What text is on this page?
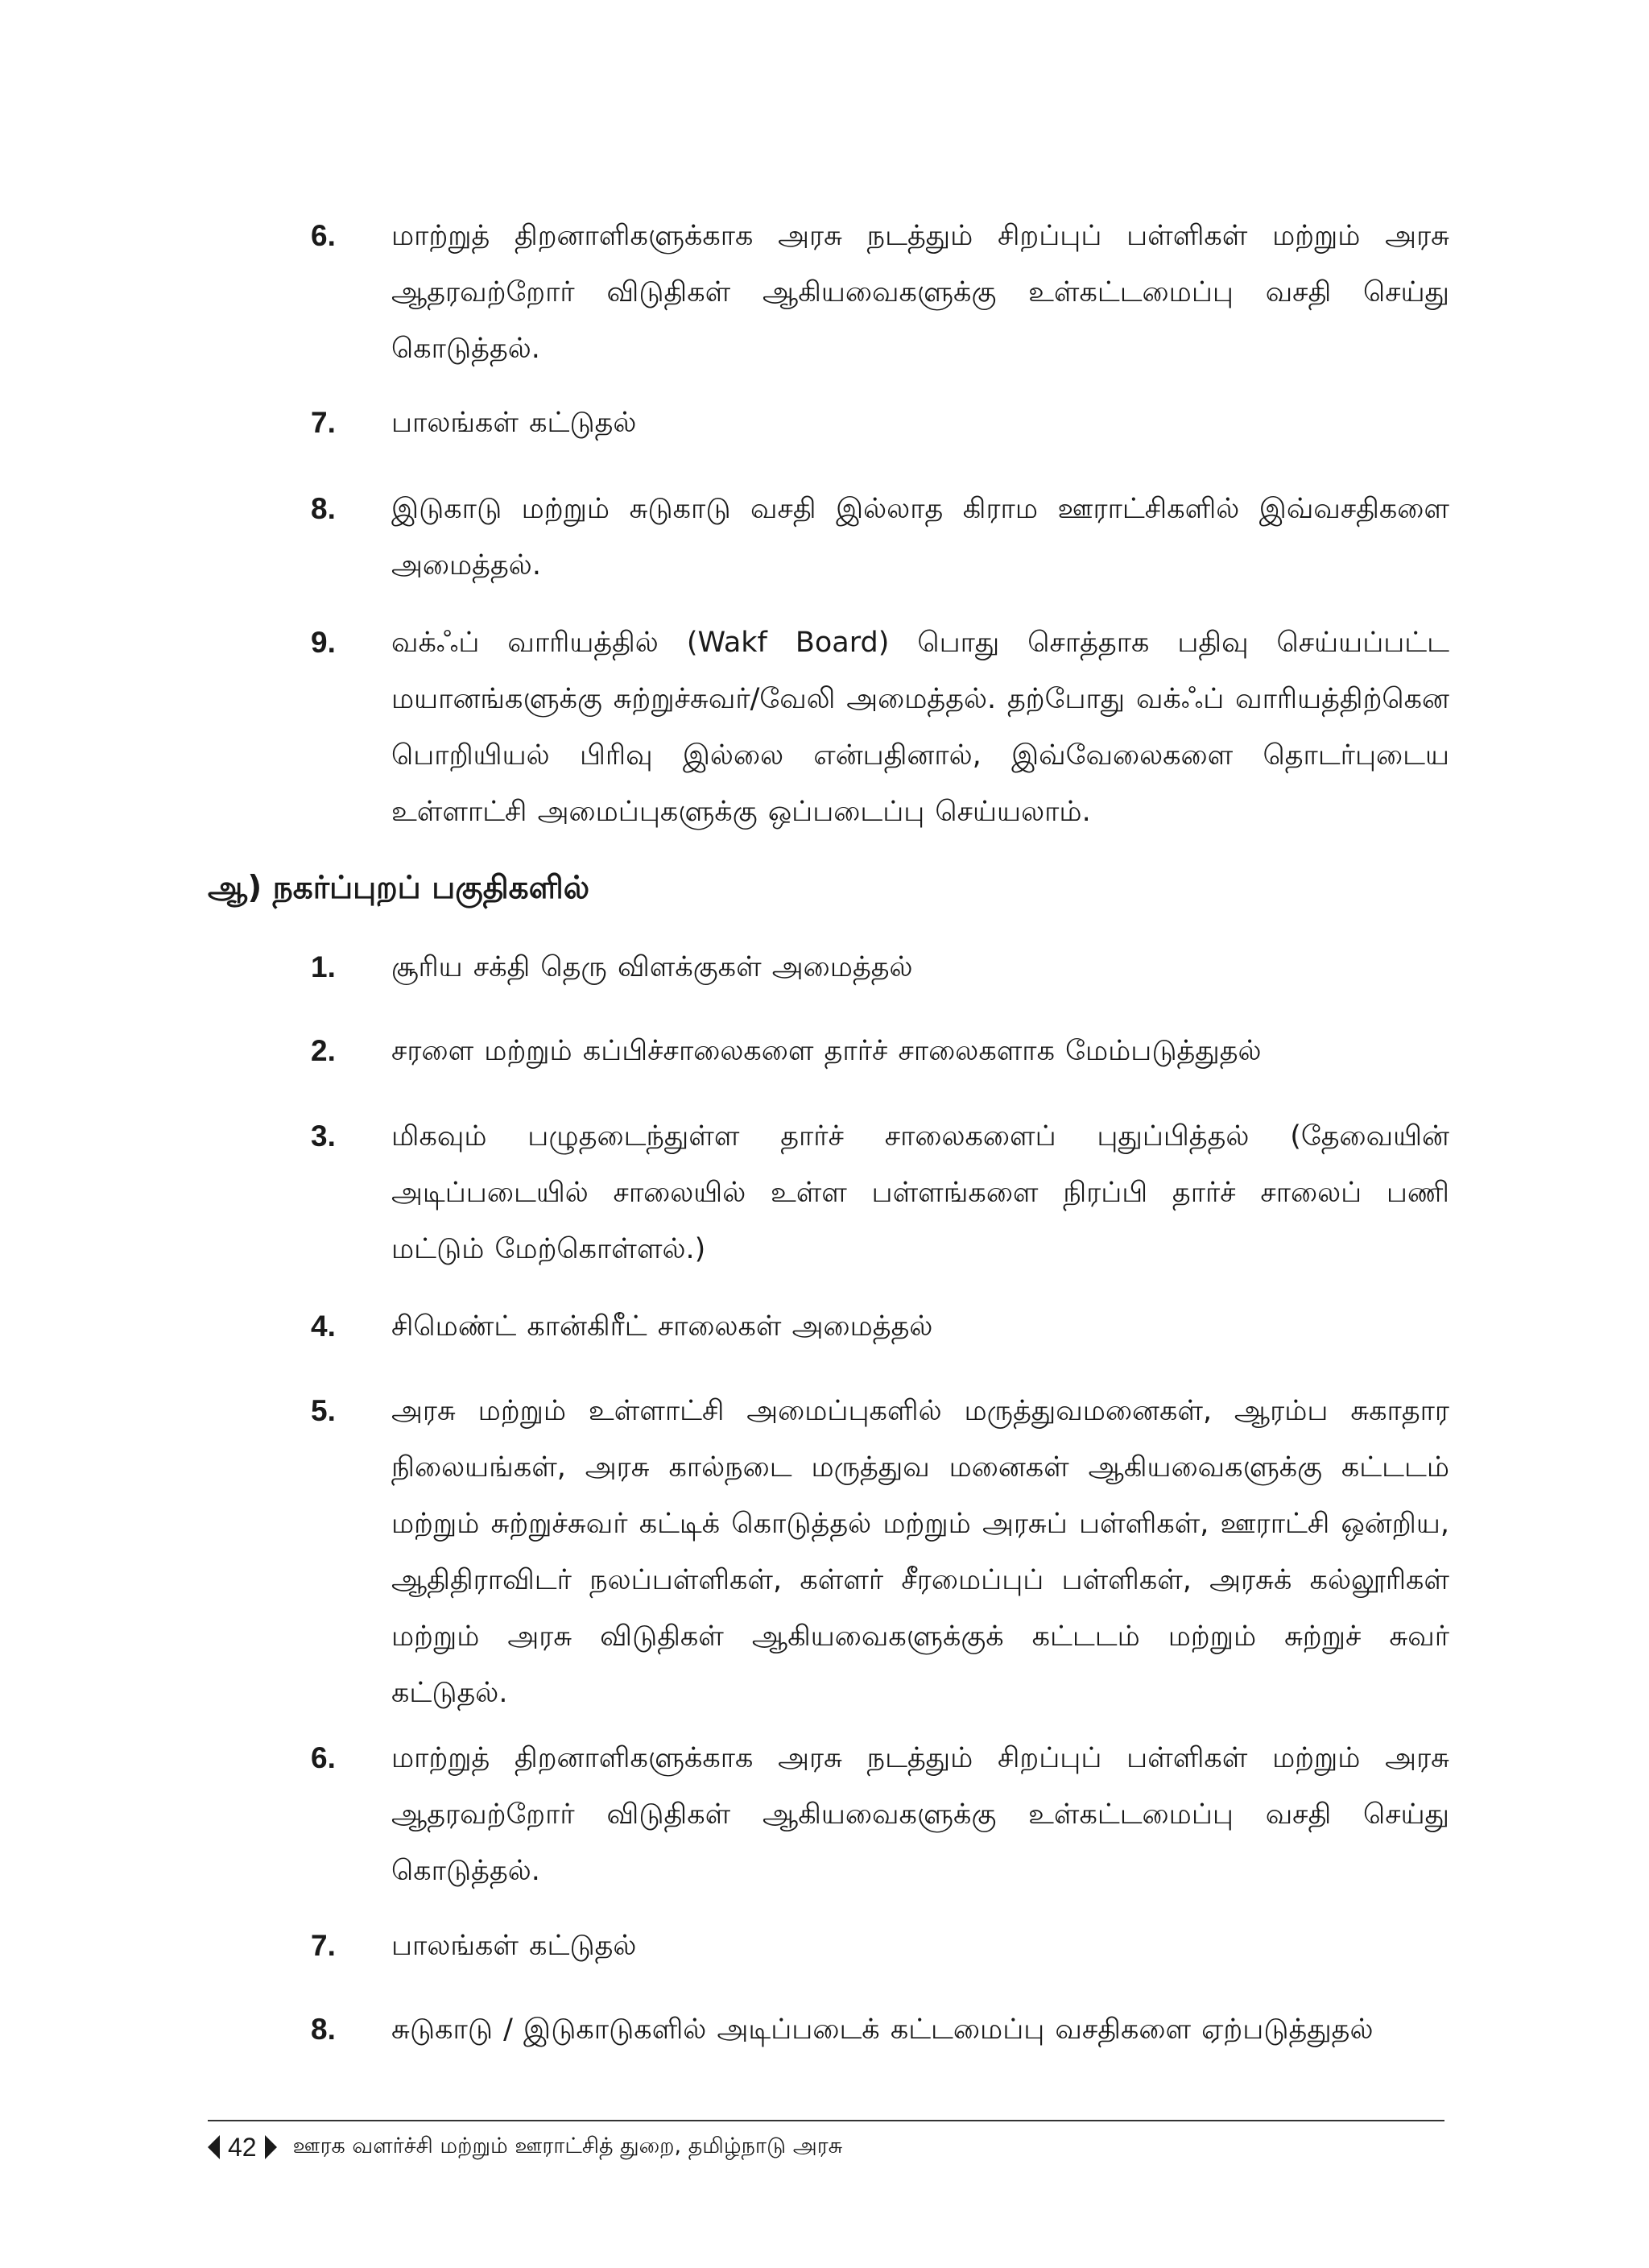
6. மாற்றுத் திறனாளிகளுக்காக அரசு நடத்தும் சிறப்புப் பள்ளிகள் மற்றும் அரசு ஆதரவற்றோர் விடுதிகள் ஆகியவைகளுக்கு உள்கட்டமைப்பு வசதி செய்து கொடுத்தல்.
7. பாலங்கள் கட்டுதல்
8. இடுகாடு மற்றும் சுடுகாடு வசதி இல்லாத கிராம ஊராட்சிகளில் இவ்வசதிகளை அமைத்தல்.
9. வக்ஃப் வாரியத்தில் (Wakf Board) பொது சொத்தாக பதிவு செய்யப்பட்ட மயானங்களுக்கு சுற்றுச்சுவர்/வேலி அமைத்தல். தற்போது வக்ஃப் வாரியத்திற்கென பொறியியல் பிரிவு இல்லை என்பதினால், இவ்வேலைகளை தொடர்புடைய உள்ளாட்சி அமைப்புகளுக்கு ஒப்படைப்பு செய்யலாம்.
ஆ) நகர்ப்புறப் பகுதிகளில்
1. சூரிய சக்தி தெரு விளக்குகள் அமைத்தல்
2. சரளை மற்றும் கப்பிச்சாலைகளை தார்ச் சாலைகளாக மேம்படுத்துதல்
3. மிகவும் பழுதடைந்துள்ள தார்ச் சாலைகளைப் புதுப்பித்தல் (தேவையின் அடிப்படையில் சாலையில் உள்ள பள்ளங்களை நிரப்பி தார்ச் சாலைப் பணி மட்டும் மேற்கொள்ளல்.)
4. சிமெண்ட் கான்கிரீட் சாலைகள் அமைத்தல்
5. அரசு மற்றும் உள்ளாட்சி அமைப்புகளில் மருத்துவமனைகள், ஆரம்ப சுகாதார நிலையங்கள், அரசு கால்நடை மருத்துவ மனைகள் ஆகியவைகளுக்கு கட்டடம் மற்றும் சுற்றுச்சுவர் கட்டிக் கொடுத்தல் மற்றும் அரசுப் பள்ளிகள், ஊராட்சி ஒன்றிய, ஆதிதிராவிடர் நலப்பள்ளிகள், கள்ளர் சீரமைப்புப் பள்ளிகள், அரசுக் கல்லூரிகள் மற்றும் அரசு விடுதிகள் ஆகியவைகளுக்குக் கட்டடம் மற்றும் சுற்றுச் சுவர் கட்டுதல்.
6. மாற்றுத் திறனாளிகளுக்காக அரசு நடத்தும் சிறப்புப் பள்ளிகள் மற்றும் அரசு ஆதரவற்றோர் விடுதிகள் ஆகியவைகளுக்கு உள்கட்டமைப்பு வசதி செய்து கொடுத்தல்.
7. பாலங்கள் கட்டுதல்
8. சுடுகாடு / இடுகாடுகளில் அடிப்படைக் கட்டமைப்பு வசதிகளை ஏற்படுத்துதல்
42 ஊரக வளர்ச்சி மற்றும் ஊராட்சித் துறை, தமிழ்நாடு அரசு
